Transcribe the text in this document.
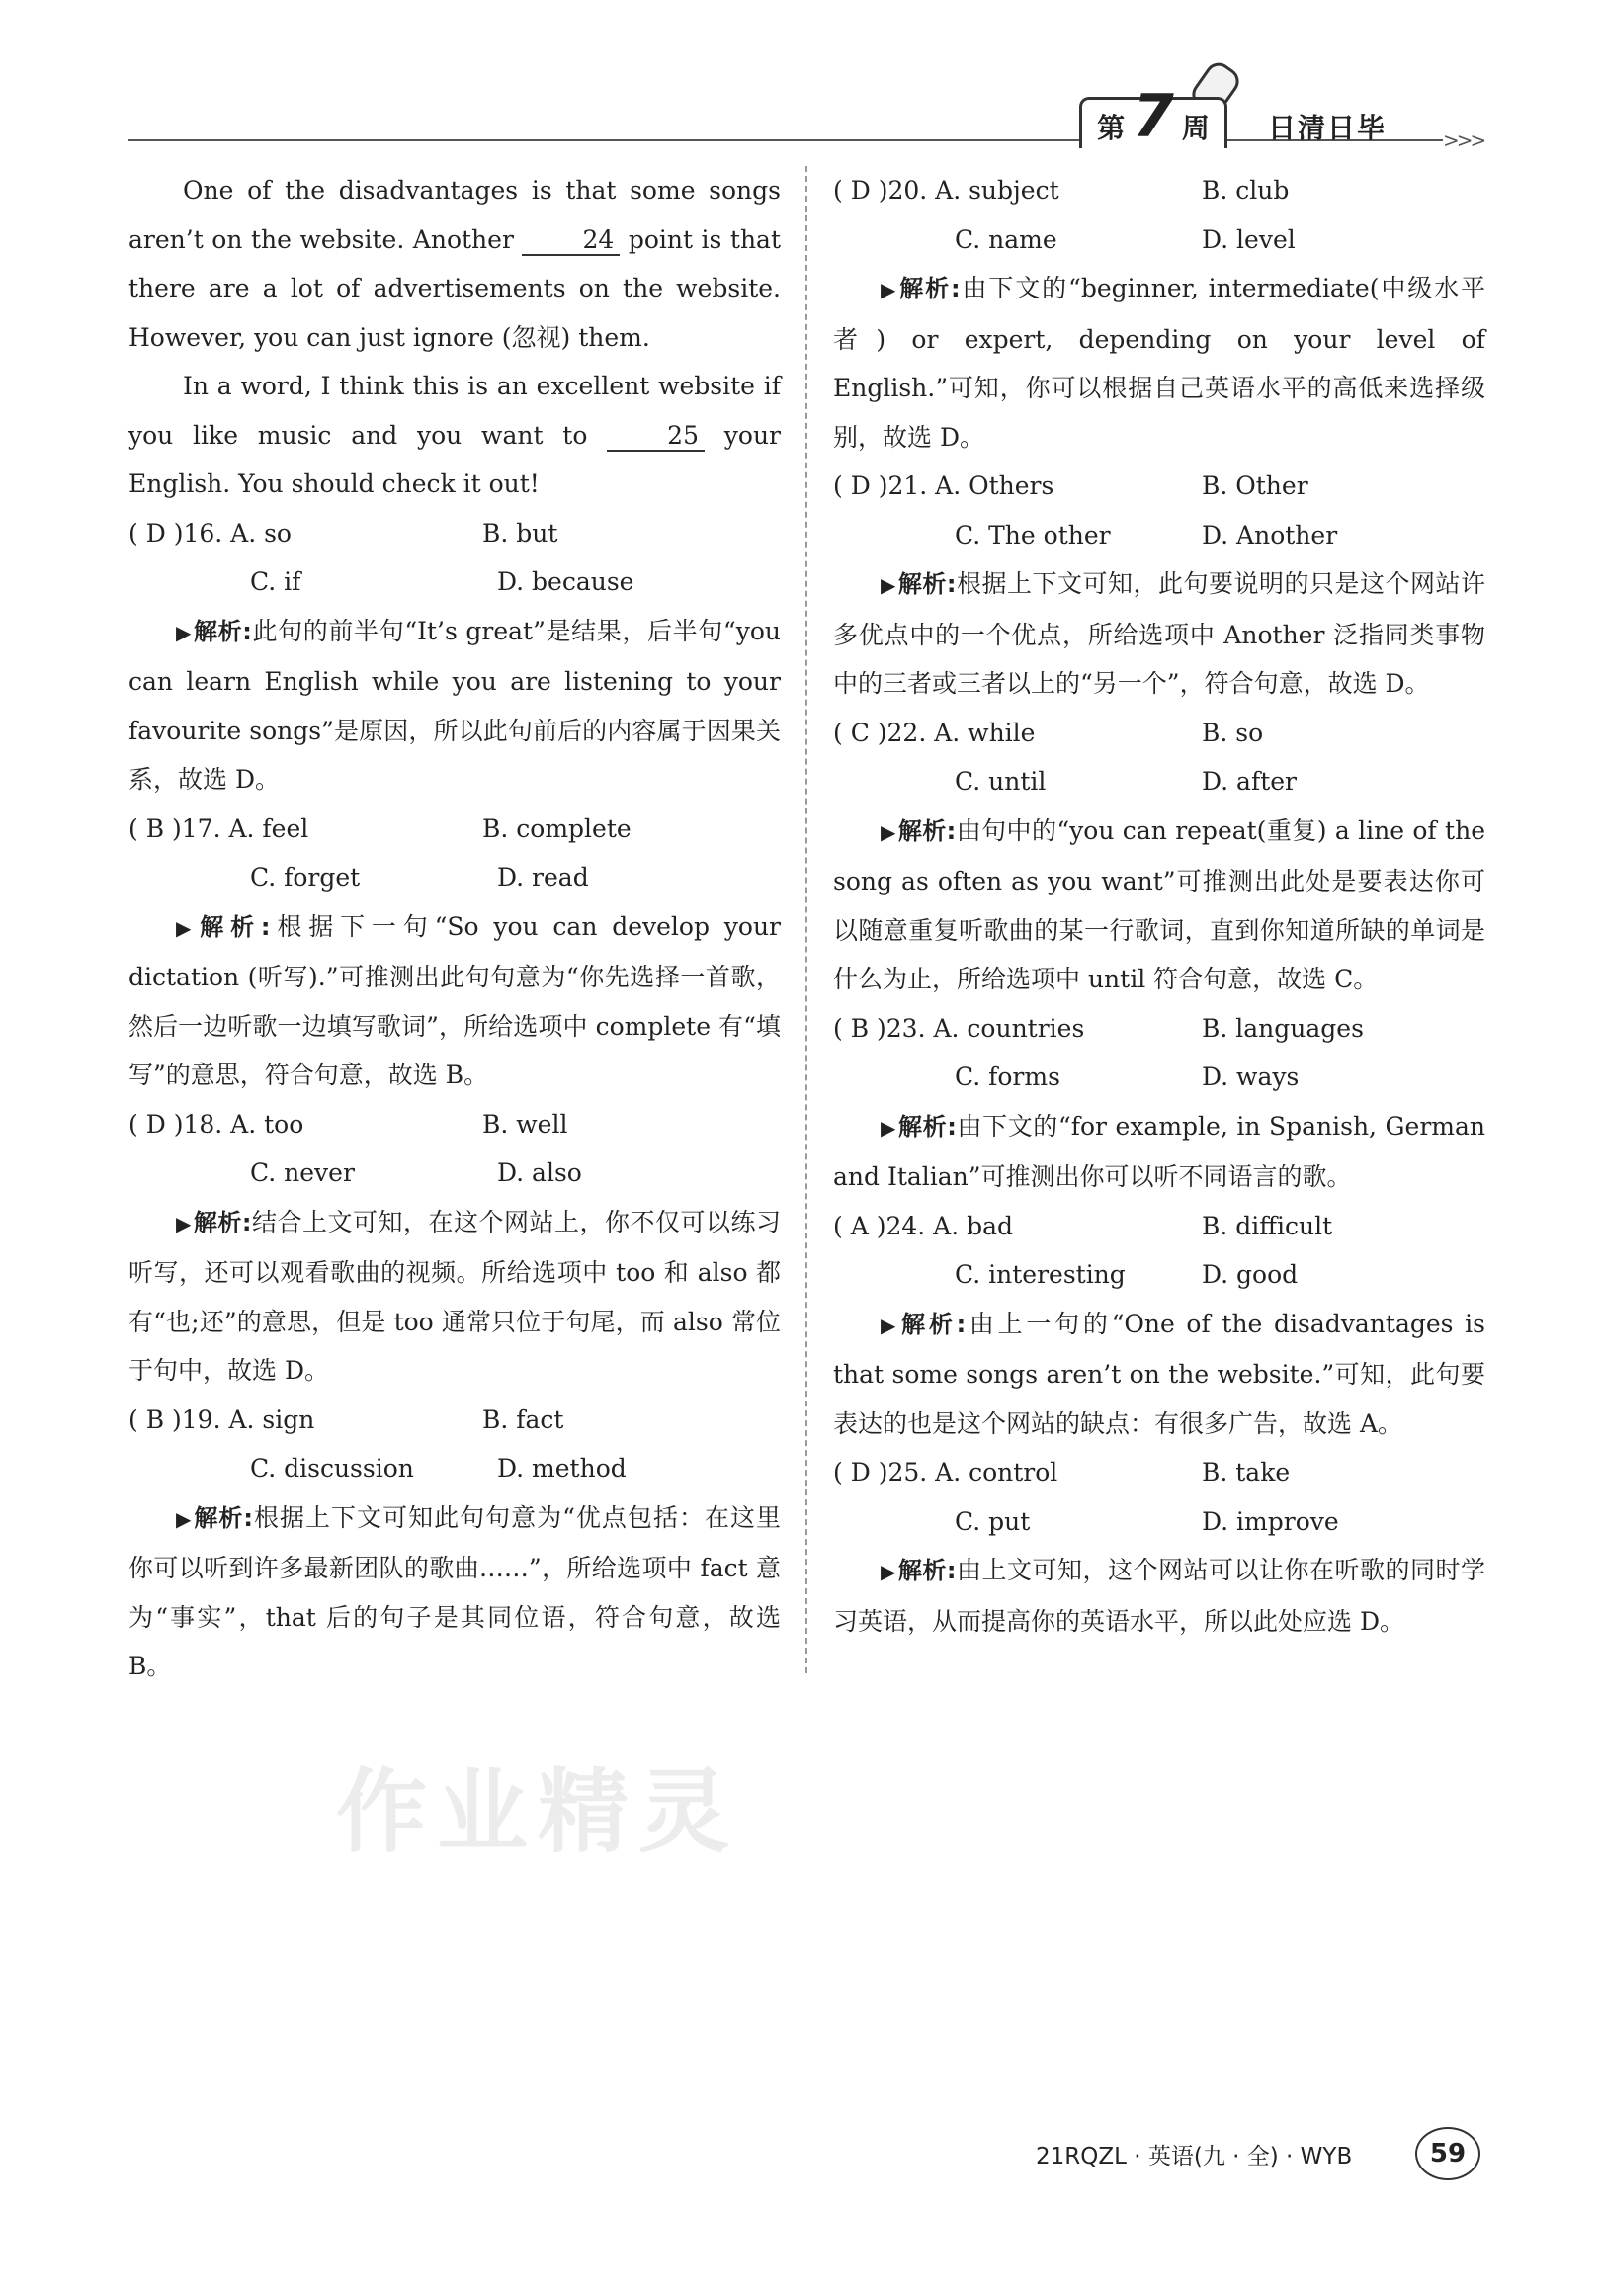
第 7 周 日清日毕	>>>

One of the disadvantages is that some songs aren’t on the website. Another	24 point is that there are a lot of advertisements on the website. However, you can just ignore (忽视) them.

In a word, I think this is an excellent website if you like music and you want to	25 your English. You should check it out!

( D )16. A. so	B. but
C. if	D. because

▶解析:此句的前半句“It’s great”是结果，后半句“you can learn English while you are listening to your favourite songs”是原因，所以此句前后的内容属于因果关系，故选 D。

( B )17. A. feel	B. complete
C. forget	D. read

▶解析:根据下一句“So you can develop your dictation (听写).”可推测出此句句意为“你先选择一首歌，然后一边听歌一边填写歌词”，所给选项中 complete 有“填写”的意思，符合句意，故选 B。

( D )18. A. too	B. well
C. never	D. also

▶解析:结合上文可知，在这个网站上，你不仅可以练习听写，还可以观看歌曲的视频。所给选项中 too 和 also 都有“也;还”的意思，但是 too 通常只位于句尾，而 also 常位于句中，故选 D。

( B )19. A. sign	B. fact
C. discussion	D. method

▶解析:根据上下文可知此句句意为“优点包括：在这里你可以听到许多最新团队的歌曲……”，所给选项中 fact 意为“事实”，that 后的句子是其同位语，符合句意，故选 B。

( D )20. A. subject	B. club
C. name	D. level

▶解析:由下文的“beginner, intermediate(中级水平者) or expert, depending on your level of English.”可知，你可以根据自己英语水平的高低来选择级别，故选 D。

( D )21. A. Others	B. Other
C. The other	D. Another

▶解析:根据上下文可知，此句要说明的只是这个网站许多优点中的一个优点，所给选项中 Another 泛指同类事物中的三者或三者以上的“另一个”，符合句意，故选 D。

( C )22. A. while	B. so
C. until	D. after

▶解析:由句中的“you can repeat(重复) a line of the song as often as you want”可推测出此处是要表达你可以随意重复听歌曲的某一行歌词，直到你知道所缺的单词是什么为止，所给选项中 until 符合句意，故选 C。

( B )23. A. countries	B. languages
C. forms	D. ways

▶解析:由下文的“for example, in Spanish, German and Italian”可推测出你可以听不同语言的歌。

( A )24. A. bad	B. difficult
C. interesting	D. good

▶解析:由上一句的“One of the disadvantages is that some songs aren’t on the website.”可知，此句要表达的也是这个网站的缺点：有很多广告，故选 A。

( D )25. A. control	B. take
C. put	D. improve

▶解析:由上文可知，这个网站可以让你在听歌的同时学习英语，从而提高你的英语水平，所以此处应选 D。

作业精灵
21RQZL · 英语(九 · 全) · WYB	59
